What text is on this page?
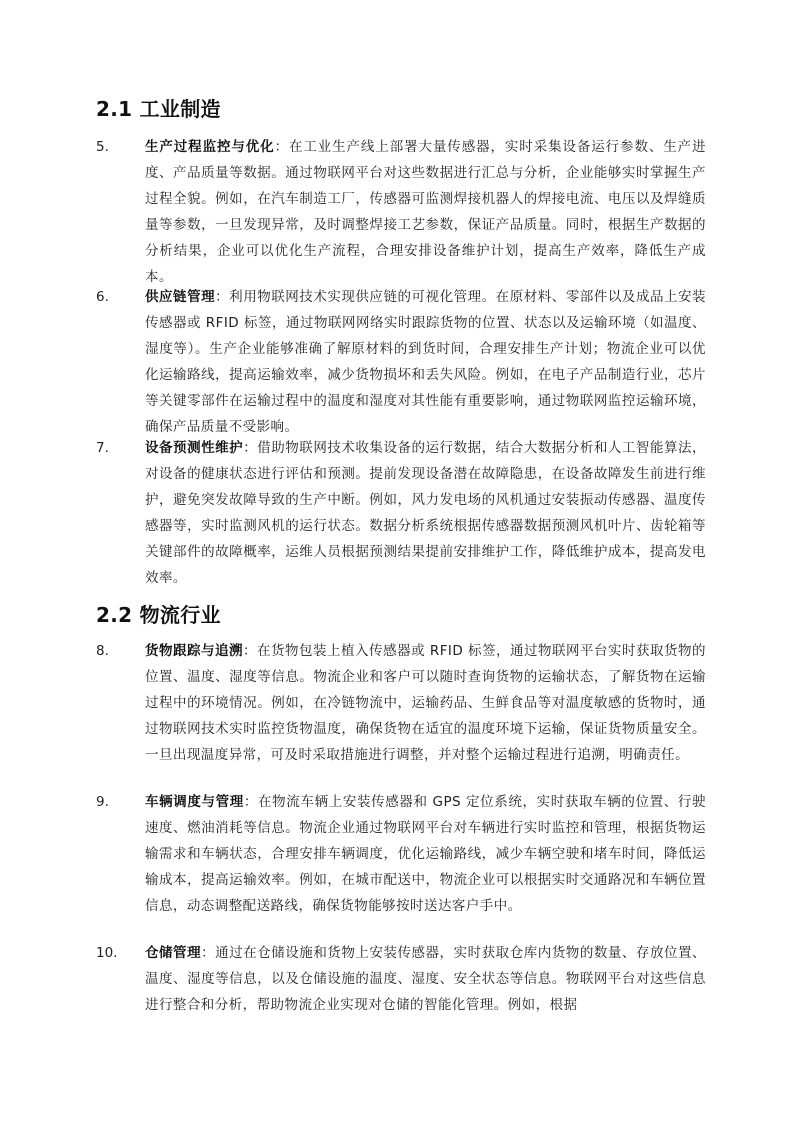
2.1 工业制造
5.	生产过程监控与优化：在工业生产线上部署大量传感器，实时采集设备运行参数、生产进度、产品质量等数据。通过物联网平台对这些数据进行汇总与分析，企业能够实时掌握生产过程全貌。例如，在汽车制造工厂，传感器可监测焊接机器人的焊接电流、电压以及焊缝质量等参数，一旦发现异常，及时调整焊接工艺参数，保证产品质量。同时，根据生产数据的分析结果，企业可以优化生产流程，合理安排设备维护计划，提高生产效率，降低生产成本。

6.	供应链管理：利用物联网技术实现供应链的可视化管理。在原材料、零部件以及成品上安装传感器或 RFID 标签，通过物联网网络实时跟踪货物的位置、状态以及运输环境（如温度、湿度等）。生产企业能够准确了解原材料的到货时间，合理安排生产计划；物流企业可以优化运输路线，提高运输效率，减少货物损坏和丢失风险。例如，在电子产品制造行业，芯片等关键零部件在运输过程中的温度和湿度对其性能有重要影响，通过物联网监控运输环境，确保产品质量不受影响。

7.	设备预测性维护：借助物联网技术收集设备的运行数据，结合大数据分析和人工智能算法，对设备的健康状态进行评估和预测。提前发现设备潜在故障隐患，在设备故障发生前进行维护，避免突发故障导致的生产中断。例如，风力发电场的风机通过安装振动传感器、温度传感器等，实时监测风机的运行状态。数据分析系统根据传感器数据预测风机叶片、齿轮箱等关键部件的故障概率，运维人员根据预测结果提前安排维护工作，降低维护成本，提高发电效率。

2.2 物流行业
8.	货物跟踪与追溯：在货物包装上植入传感器或 RFID 标签，通过物联网平台实时获取货物的位置、温度、湿度等信息。物流企业和客户可以随时查询货物的运输状态，了解货物在运输过程中的环境情况。例如，在冷链物流中，运输药品、生鲜食品等对温度敏感的货物时，通过物联网技术实时监控货物温度，确保货物在适宜的温度环境下运输，保证货物质量安全。一旦出现温度异常，可及时采取措施进行调整，并对整个运输过程进行追溯，明确责任。

9.	车辆调度与管理：在物流车辆上安装传感器和 GPS 定位系统，实时获取车辆的位置、行驶速度、燃油消耗等信息。物流企业通过物联网平台对车辆进行实时监控和管理，根据货物运输需求和车辆状态，合理安排车辆调度，优化运输路线，减少车辆空驶和堵车时间，降低运输成本，提高运输效率。例如，在城市配送中，物流企业可以根据实时交通路况和车辆位置信息，动态调整配送路线，确保货物能够按时送达客户手中。

10. 仓储管理：通过在仓储设施和货物上安装传感器，实时获取仓库内货物的数量、存放位置、温度、湿度等信息，以及仓储设施的温度、湿度、安全状态等信息。物联网平台对这些信息进行整合和分析，帮助物流企业实现对仓储的智能化管理。例如，根据
